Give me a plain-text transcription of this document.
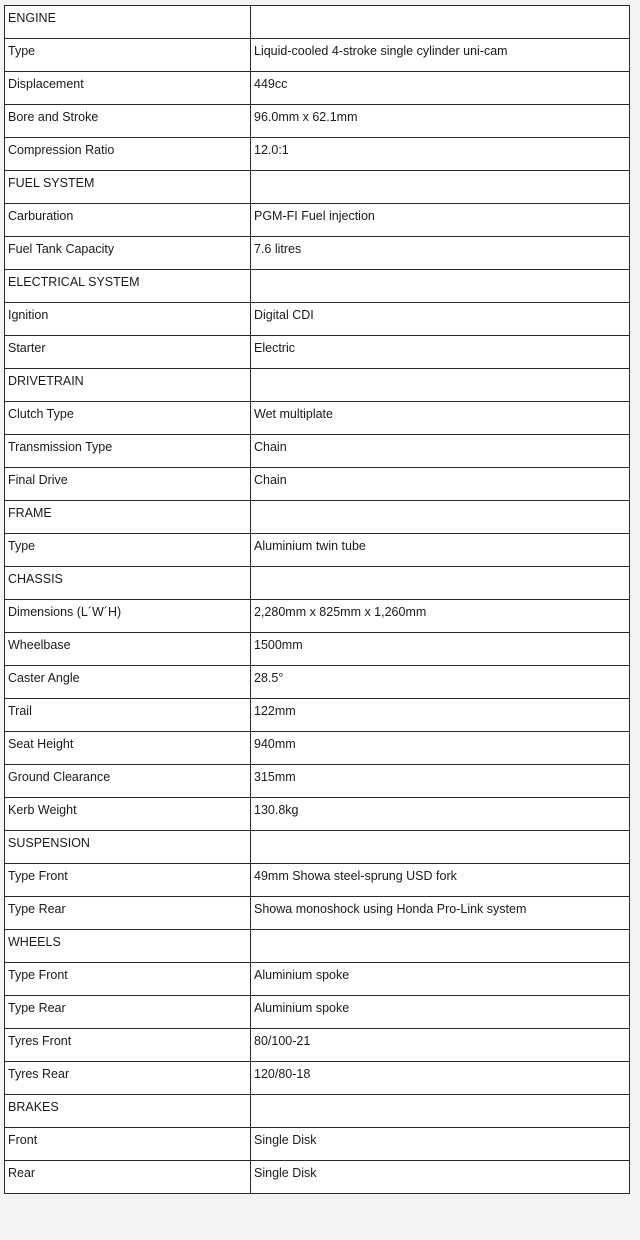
ENGINE	
Type	Liquid-cooled 4-stroke single cylinder uni-cam
Displacement	449cc
Bore and Stroke	96.0mm x 62.1mm
Compression Ratio	12.0:1
FUEL SYSTEM	
Carburation	PGM-FI Fuel injection
Fuel Tank Capacity	7.6 litres
ELECTRICAL SYSTEM	
Ignition	Digital CDI
Starter	Electric
DRIVETRAIN	
Clutch Type	Wet multiplate
Transmission Type	Chain
Final Drive	Chain
FRAME	
Type	Aluminium twin tube
CHASSIS	
Dimensions (L´W´H)	2,280mm x 825mm x 1,260mm
Wheelbase	1500mm
Caster Angle	28.5°
Trail	122mm
Seat Height	940mm
Ground Clearance	315mm
Kerb Weight	130.8kg
SUSPENSION	
Type Front	49mm Showa steel-sprung USD fork
Type Rear	Showa monoshock using Honda Pro-Link system
WHEELS	
Type Front	Aluminium spoke
Type Rear	Aluminium spoke
Tyres Front	80/100-21
Tyres Rear	120/80-18
BRAKES	
Front	Single Disk
Rear	Single Disk
